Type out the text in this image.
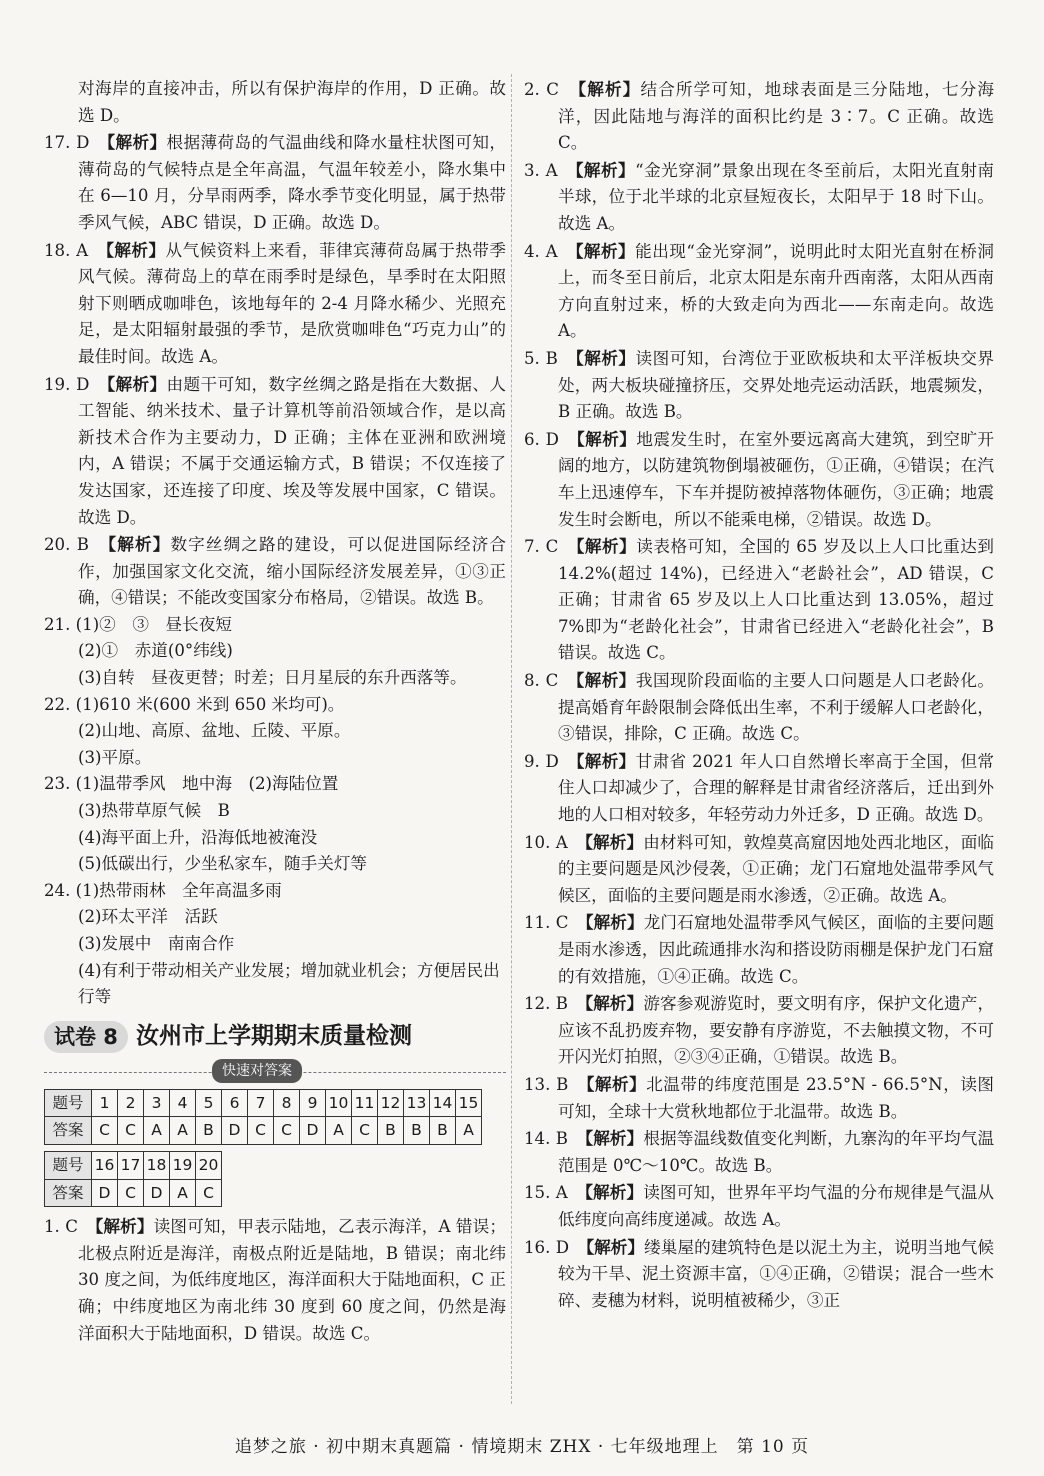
对海岸的直接冲击，所以有保护海岸的作用，D 正确。故选 D。

17. D　 【解析】根据薄荷岛的气温曲线和降水量柱状图可知，薄荷岛的气候特点是全年高温，气温年较差小，降水集中在 6—10 月，分旱雨两季，降水季节变化明显，属于热带季风气候，ABC 错误，D 正确。故选 D。

18. A　 【解析】从气候资料上来看，菲律宾薄荷岛属于热带季风气候。薄荷岛上的草在雨季时是绿色，旱季时在太阳照射下则晒成咖啡色，该地每年的 2-4 月降水稀少、光照充足，是太阳辐射最强的季节，是欣赏咖啡色“巧克力山”的最佳时间。故选 A。

19. D　 【解析】由题干可知，数字丝绸之路是指在大数据、人工智能、纳米技术、量子计算机等前沿领域合作，是以高新技术合作为主要动力，D 正确；主体在亚洲和欧洲境内，A 错误；不属于交通运输方式，B 错误；不仅连接了发达国家，还连接了印度、埃及等发展中国家，C 错误。故选 D。

20. B　 【解析】数字丝绸之路的建设，可以促进国际经济合作，加强国家文化交流，缩小国际经济发展差异，①③正确，④错误；不能改变国家分布格局，②错误。故选 B。

21. (1)②　③　昼长夜短

(2)①　赤道(0°纬线)

(3)自转　昼夜更替；时差；日月星辰的东升西落等。

22. (1)610 米(600 米到 650 米均可)。

(2)山地、高原、盆地、丘陵、平原。

(3)平原。

23. (1)温带季风　地中海　(2)海陆位置

(3)热带草原气候　B

(4)海平面上升，沿海低地被淹没

(5)低碳出行，少坐私家车，随手关灯等

24. (1)热带雨林　全年高温多雨

(2)环太平洋　活跃

(3)发展中　南南合作

(4)有利于带动相关产业发展；增加就业机会；方便居民出行等

试卷 8 汝州市上学期期末质量检测
快速对答案
题号	1	2	3	4	5	6	7	8	9	10	11	12	13	14	15
答案	C	C	A	A	B	D	C	C	D	A	C	B	B	B	A
题号	16	17	18	19	20
答案	D	C	D	A	C

1. C　 【解析】读图可知，甲表示陆地，乙表示海洋，A 错误；北极点附近是海洋，南极点附近是陆地，B 错误；南北纬 30 度之间，为低纬度地区，海洋面积大于陆地面积，C 正确；中纬度地区为南北纬 30 度到 60 度之间，仍然是海洋面积大于陆地面积，D 错误。故选 C。

2. C　 【解析】结合所学可知，地球表面是三分陆地，七分海洋，因此陆地与海洋的面积比约是 3∶7。C 正确。故选 C。

3. A　 【解析】“金光穿洞”景象出现在冬至前后，太阳光直射南半球，位于北半球的北京昼短夜长，太阳早于 18 时下山。故选 A。

4. A　 【解析】能出现“金光穿洞”，说明此时太阳光直射在桥洞上，而冬至日前后，北京太阳是东南升西南落，太阳从西南方向直射过来，桥的大致走向为西北——东南走向。故选 A。

5. B　 【解析】读图可知，台湾位于亚欧板块和太平洋板块交界处，两大板块碰撞挤压，交界处地壳运动活跃，地震频发，B 正确。故选 B。

6. D　 【解析】地震发生时，在室外要远离高大建筑，到空旷开阔的地方，以防建筑物倒塌被砸伤，①正确，④错误；在汽车上迅速停车，下车并提防被掉落物体砸伤，③正确；地震发生时会断电，所以不能乘电梯，②错误。故选 D。

7. C　 【解析】读表格可知，全国的 65 岁及以上人口比重达到 14.2%(超过 14%)，已经进入“老龄社会”，AD 错误，C 正确；甘肃省 65 岁及以上人口比重达到 13.05%，超过 7%即为“老龄化社会”，甘肃省已经进入“老龄化社会”，B 错误。故选 C。

8. C　 【解析】我国现阶段面临的主要人口问题是人口老龄化。提高婚育年龄限制会降低出生率，不利于缓解人口老龄化，③错误，排除，C 正确。故选 C。

9. D　 【解析】甘肃省 2021 年人口自然增长率高于全国，但常住人口却减少了，合理的解释是甘肃省经济落后，迁出到外地的人口相对较多，年轻劳动力外迁多，D 正确。故选 D。

10. A　 【解析】由材料可知，敦煌莫高窟因地处西北地区，面临的主要问题是风沙侵袭，①正确；龙门石窟地处温带季风气候区，面临的主要问题是雨水渗透，②正确。故选 A。

11. C　 【解析】龙门石窟地处温带季风气候区，面临的主要问题是雨水渗透，因此疏通排水沟和搭设防雨棚是保护龙门石窟的有效措施，①④正确。故选 C。

12. B　 【解析】游客参观游览时，要文明有序，保护文化遗产，应该不乱扔废弃物，要安静有序游览，不去触摸文物，不可开闪光灯拍照，②③④正确，①错误。故选 B。

13. B　 【解析】北温带的纬度范围是 23.5°N - 66.5°N，读图可知，全球十大赏秋地都位于北温带。故选 B。

14. B　 【解析】根据等温线数值变化判断，九寨沟的年平均气温范围是 0℃～10℃。故选 B。

15. A　 【解析】读图可知，世界年平均气温的分布规律是气温从低纬度向高纬度递减。故选 A。

16. D　 【解析】缕巢屋的建筑特色是以泥土为主，说明当地气候较为干旱、泥土资源丰富，①④正确，②错误；混合一些木碎、麦穗为材料，说明植被稀少，③正

追梦之旅 · 初中期末真题篇 · 情境期末 ZHX · 七年级地理上　第 10 页
